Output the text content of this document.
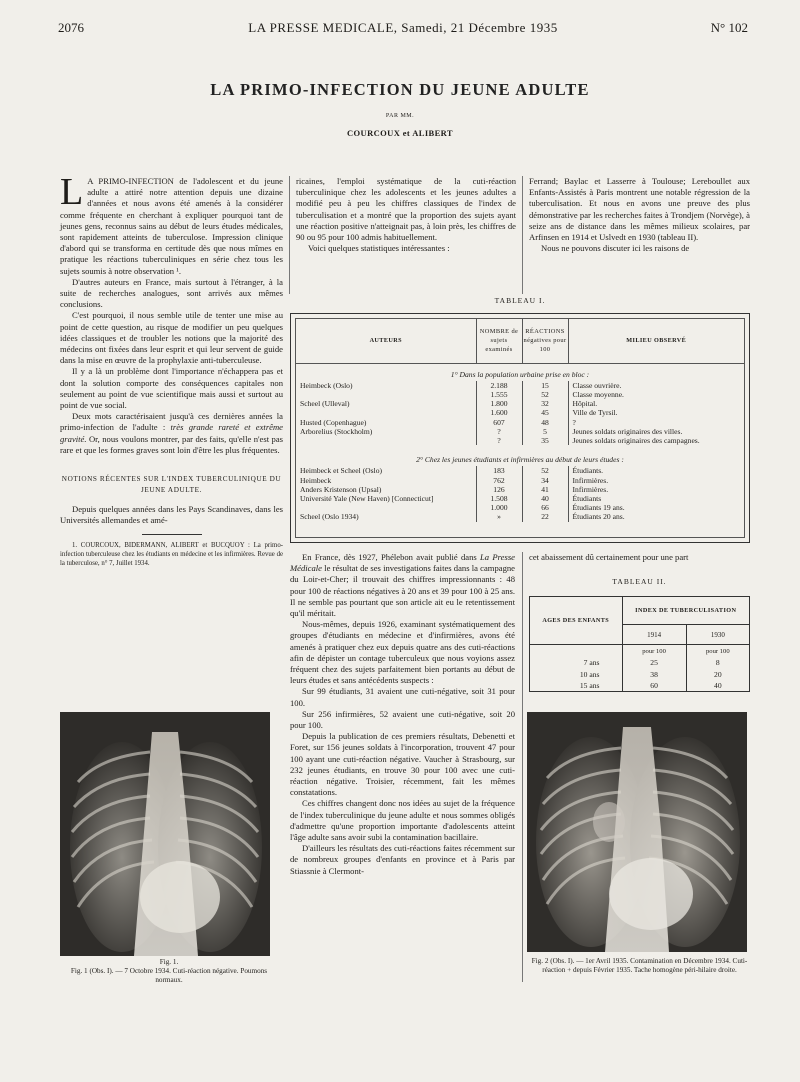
2076	LA PRESSE MEDICALE, Samedi, 21 Décembre 1935	N° 102
LA PRIMO-INFECTION DU JEUNE ADULTE
PAR MM.
COURCOUX et ALIBERT

L A PRIMO-INFECTION de l'adolescent et du jeune adulte a attiré notre attention depuis une dizaine d'années et nous avons été amenés à la considérer comme fréquente en cherchant à expliquer pourquoi tant de jeunes gens, reconnus sains au début de leurs études médicales, sont rapidement atteints de tuberculose. Impression clinique d'abord qui se transforma en certitude dès que nous mîmes en pratique les réactions tuberculiniques en série chez tous les sujets soumis à notre observation ¹.

D'autres auteurs en France, mais surtout à l'étranger, à la suite de recherches analogues, sont arrivés aux mêmes conclusions.

C'est pourquoi, il nous semble utile de tenter une mise au point de cette question, au risque de modifier un peu quelques idées classiques et de troubler les notions que la majorité des médecins ont fixées dans leur esprit et qui leur servent de guide dans la mise en œuvre de la prophylaxie anti-tuberculeuse.

Il y a là un problème dont l'importance n'échappera pas et dont la solution comporte des conséquences capitales non seulement au point de vue scientifique mais aussi et surtout au point de vue social.

Deux mots caractérisaient jusqu'à ces dernières années la primo-infection de l'adulte : très grande rareté et extrême gravité. Or, nous voulons montrer, par des faits, qu'elle n'est pas rare et que les formes graves sont loin d'être les plus fréquentes.

NOTIONS RÉCENTES SUR L'INDEX TUBERCULINIQUE DU JEUNE ADULTE.

Depuis quelques années dans les Pays Scandinaves, dans les Universités allemandes et amé-

1. COURCOUX, BIDERMANN, ALIBERT et BUCQUOY : La primo-infection tuberculeuse chez les étudiants en médecine et les infirmières. Revue de la tuberculose, n° 7, Juillet 1934.

ricaines, l'emploi systématique de la cuti-réaction tuberculinique chez les adolescents et les jeunes adultes a modifié peu à peu les chiffres classiques de l'index de tuberculisation et a montré que la proportion des sujets ayant une réaction positive n'atteignait pas, à loin près, les chiffres de 90 ou 95 pour 100 admis habituellement.

Voici quelques statistiques intéressantes :

Ferrand; Baylac et Lasserre à Toulouse; Lereboullet aux Enfants-Assistés à Paris montrent une notable régression de la tuberculisation. Et nous en avons une preuve des plus démonstrative par les recherches faites à Trondjem (Norvège), à seize ans de distance dans les mêmes milieux scolaires, par Arfinsen en 1914 et Uslvedt en 1930 (tableau II).

Nous ne pouvons discuter ici les raisons de

TABLEAU I.
AUTEURS	NOMBRE de sujets examinés	RÉACTIONS négatives pour 100	MILIEU OBSERVÉ
1° Dans la population urbaine prise en bloc :			
Heimbeck (Oslo)	2.188	15	Classe ouvrière.
	1.555	52	Classe moyenne.
Scheel (Ulleval)	1.800	32	Hôpital.
	1.600	45	Ville de Tyrsil.
Husted (Copenhague)	607	48	?
Arborelius (Stockholm)	?	5	Jeunes soldats originaires des villes.
	?	35	Jeunes soldats originaires des campagnes.
2° Chez les jeunes étudiants et infirmières au début de leurs études :			
Heimbeck et Scheel (Oslo)	183	52	Étudiants.
Heimbeck	762	34	Infirmières.
Anders Kristenson (Upsal)	126	41	Infirmières.
Université Yale (New Haven) [Connecticut]	1.508	40	Étudiants
	1.000	66	Étudiants 19 ans.
Scheel (Oslo 1934)	»	22	Étudiants 20 ans.

En France, dès 1927, Phélebon avait publié dans La Presse Médicale le résultat de ses investigations faites dans la campagne du Loir-et-Cher; il trouvait des chiffres impressionnants : 48 pour 100 de réactions négatives à 20 ans et 39 pour 100 à 25 ans. Il ne semble pas pourtant que son article ait eu le retentissement qu'il méritait.

Nous-mêmes, depuis 1926, examinant systématiquement des groupes d'étudiants en médecine et d'infirmières, avons été amenés à pratiquer chez eux depuis quatre ans des cuti-réactions afin de dépister un contage tuberculeux que nous voyions assez fréquent chez des sujets parfaitement bien portants au début de leurs études et sans antécédents suspects :

Sur 99 étudiants, 31 avaient une cuti-négative, soit 31 pour 100.

Sur 256 infirmières, 52 avaient une cuti-négative, soit 20 pour 100.

Depuis la publication de ces premiers résultats, Debenetti et Foret, sur 156 jeunes soldats à l'incorporation, trouvent 47 pour 100 ayant une cuti-réaction négative. Vaucher à Strasbourg, sur 232 jeunes étudiants, en trouve 30 pour 100 avec une cuti-réaction négative. Troisier, récemment, fait les mêmes constatations.

Ces chiffres changent donc nos idées au sujet de la fréquence de l'index tuberculinique du jeune adulte et nous sommes obligés d'admettre qu'une proportion importante d'adolescents atteint l'âge adulte sans avoir subi la contamination bacillaire.

D'ailleurs les résultats des cuti-réactions faites récemment sur de nombreux groupes d'enfants en province et à Paris par Stiassnie à Clermont-

cet abaissement dû certainement pour une part

TABLEAU II.
AGES DES ENFANTS	INDEX DE TUBERCULISATION	
	1914	1930
	pour 100	pour 100
7 ans	25	8
10 ans	38	20
15 ans	60	40

Fig. 1.
Fig. 1 (Obs. I). — 7 Octobre 1934. Cuti-réaction négative. Poumons normaux.
Fig. 2 (Obs. I). — 1er Avril 1935. Contamination en Décembre 1934. Cuti-réaction + depuis Février 1935. Tache homogène péri-hilaire droite.
